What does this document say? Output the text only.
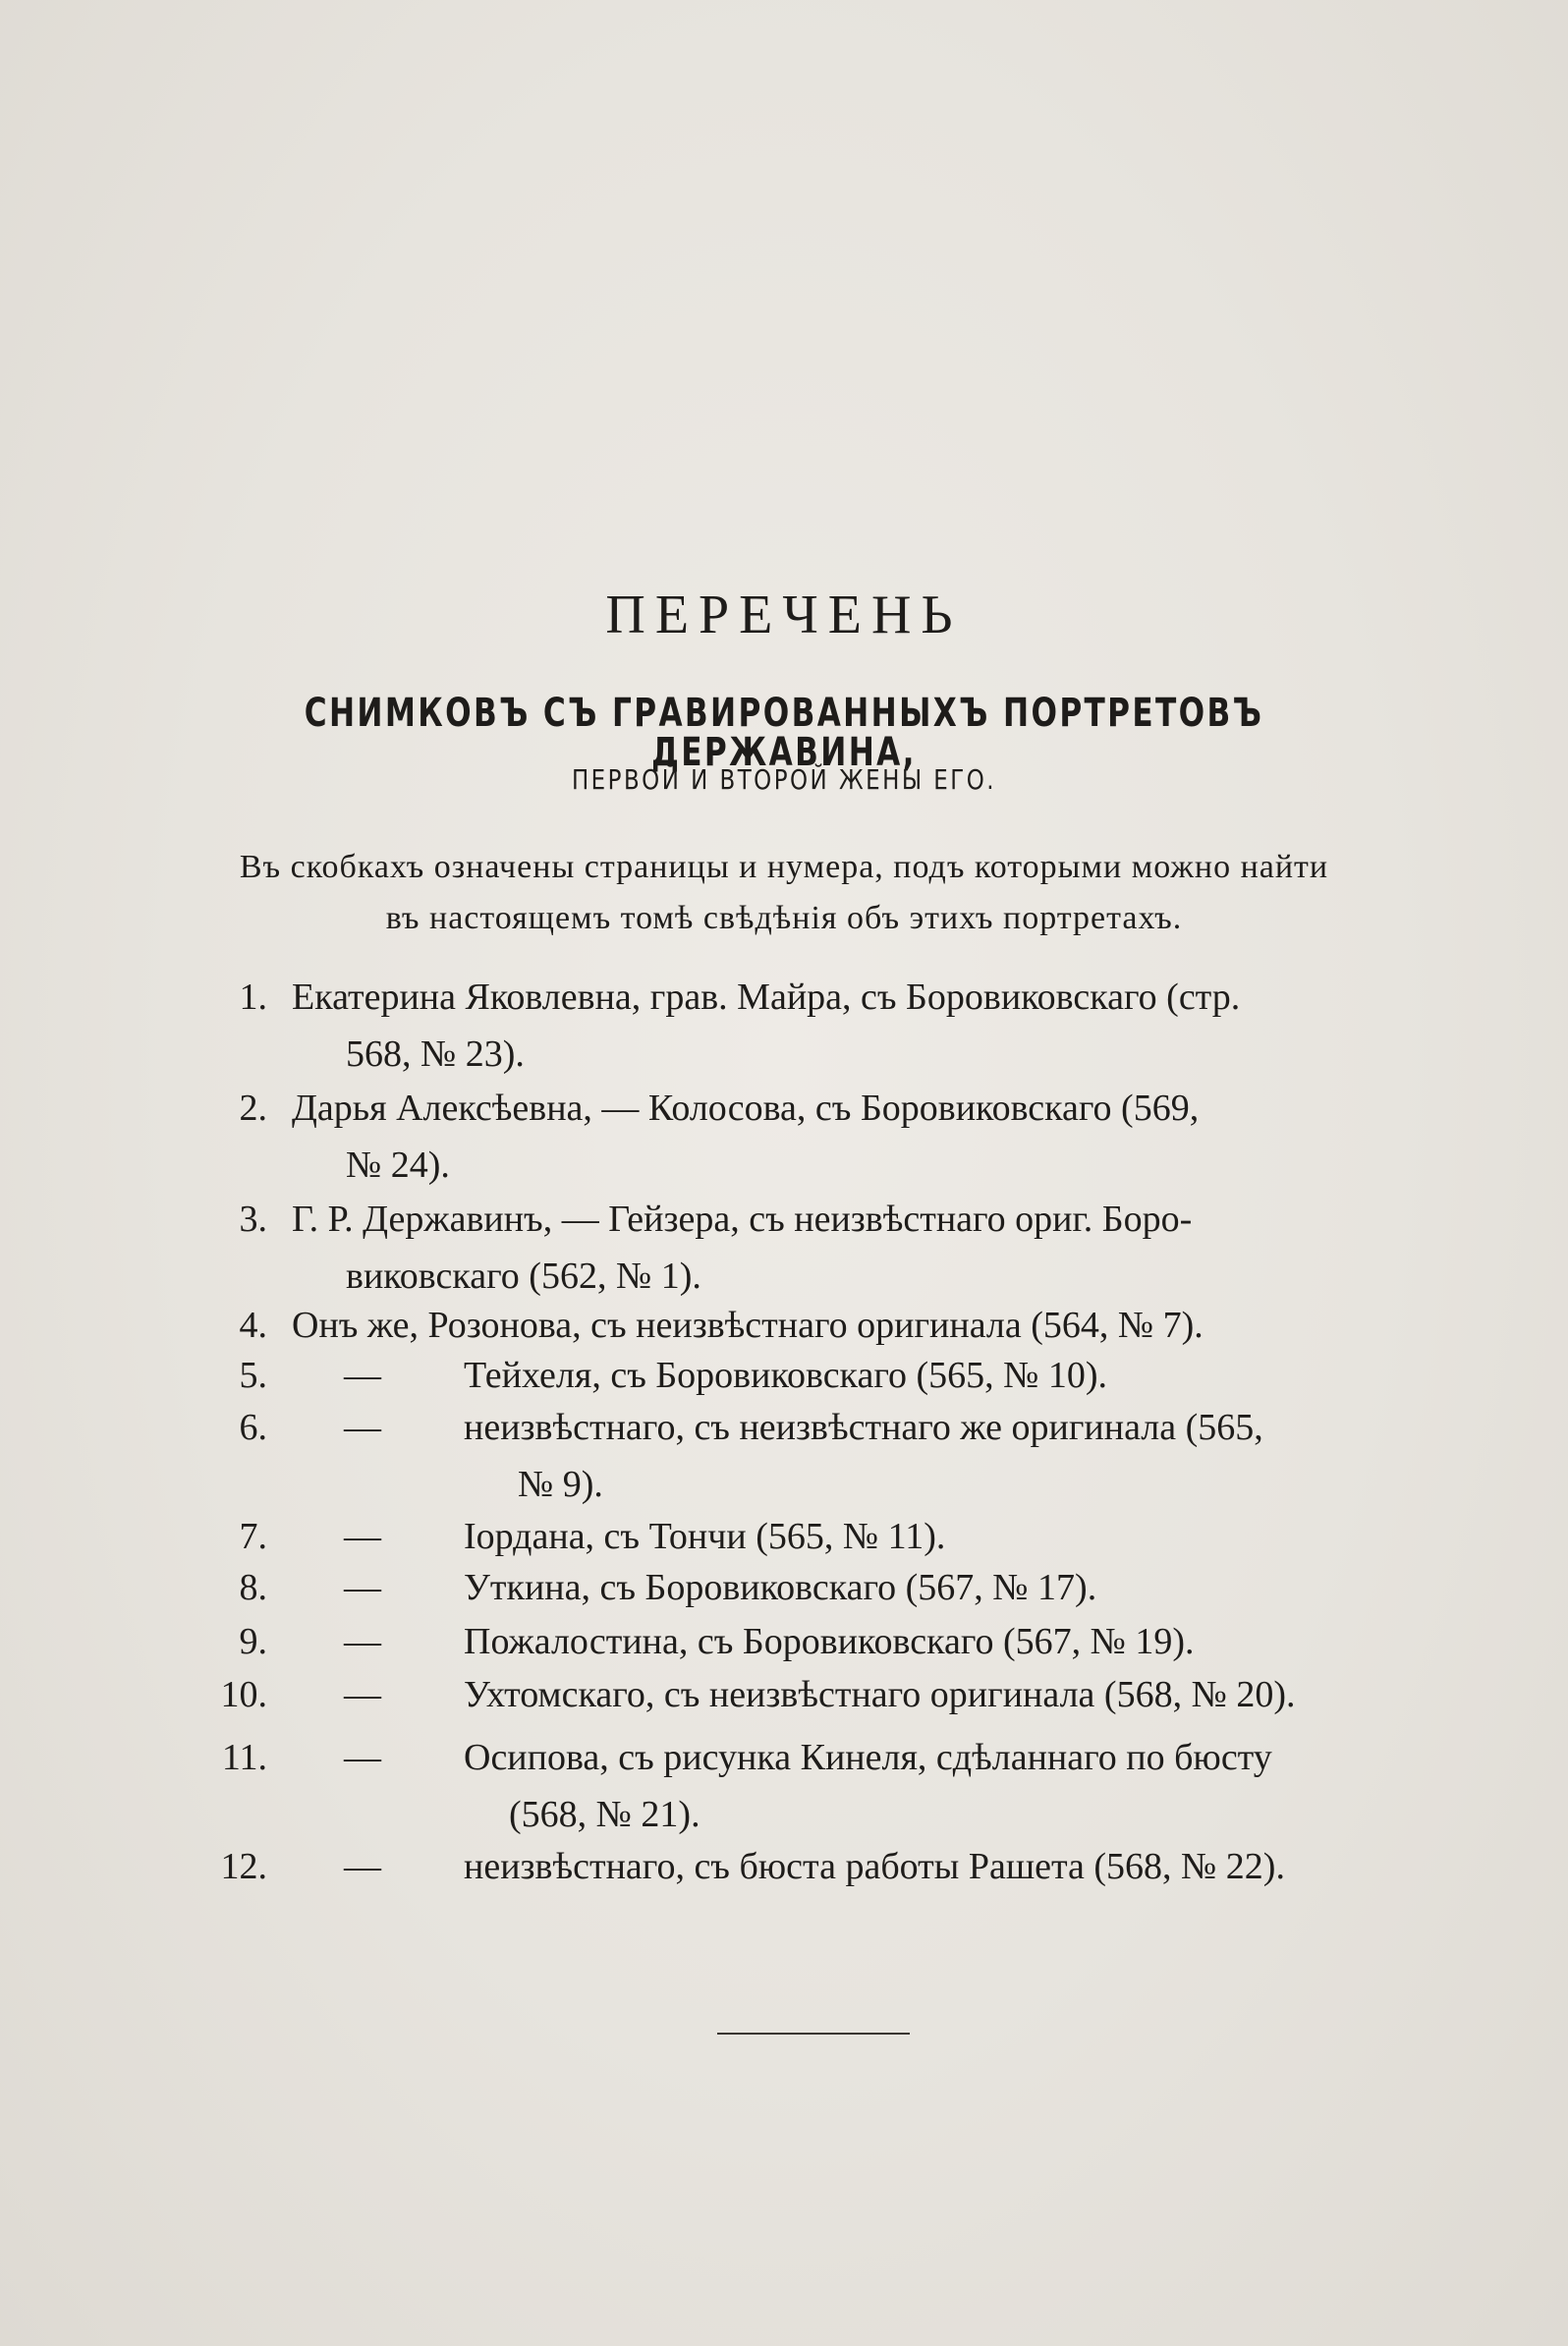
ПЕРЕЧЕНЬ
СНИМКОВЪ СЪ ГРАВИРОВАННЫХЪ ПОРТРЕТОВЪ ДЕРЖАВИНА,
ПЕРВОЙ И ВТОРОЙ ЖЕНЫ ЕГО.
Въ скобкахъ означены страницы и нумера, подъ которыми можно найти
въ настоящемъ томѣ свѣдѣнія объ этихъ портретахъ.
1. Екатерина Яковлевна, грав. Майра, съ Боровиковскаго (стр.
568, № 23).
2. Дарья Алексѣевна, — Колосова, съ Боровиковскаго (569,
№ 24).
3. Г. Р. Державинъ, — Гейзера, съ неизвѣстнаго ориг. Боро-
виковскаго (562, № 1).
4. Онъ же, Розонова, съ неизвѣстнаго оригинала (564, № 7).
5. — Тейхеля, съ Боровиковскаго (565, № 10).
6. — неизвѣстнаго, съ неизвѣстнаго же оригинала (565,
№ 9).
7. — Іордана, съ Тончи (565, № 11).
8. — Уткина, съ Боровиковскаго (567, № 17).
9. — Пожалостина, съ Боровиковскаго (567, № 19).
10. — Ухтомскаго, съ неизвѣстнаго оригинала (568, № 20).
11. — Осипова, съ рисунка Кинеля, сдѣланнаго по бюсту
(568, № 21).
12. — неизвѣстнаго, съ бюста работы Рашета (568, № 22).
